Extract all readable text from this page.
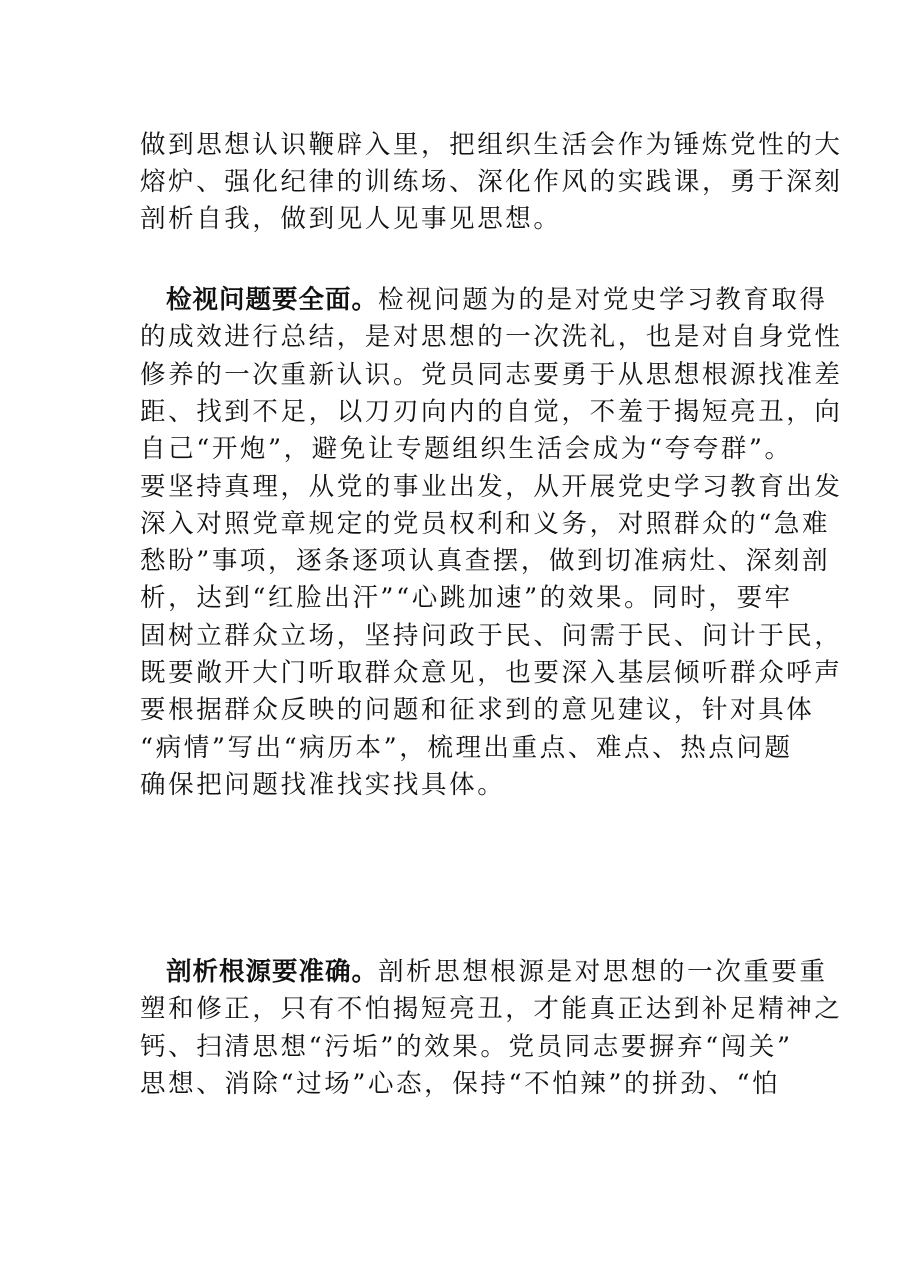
做到思想认识鞭辟入里，把组织生活会作为锤炼党性的大
熔炉、强化纪律的训练场、深化作风的实践课，勇于深刻
剖析自我，做到见人见事见思想。
检视问题要全面。检视问题为的是对党史学习教育取得
的成效进行总结，是对思想的一次洗礼，也是对自身党性
修养的一次重新认识。党员同志要勇于从思想根源找准差
距、找到不足，以刀刃向内的自觉，不羞于揭短亮丑，向
自己“开炮”，避免让专题组织生活会成为“夸夸群”。
要坚持真理，从党的事业出发，从开展党史学习教育出发
深入对照党章规定的党员权利和义务，对照群众的“急难
愁盼”事项，逐条逐项认真查摆，做到切准病灶、深刻剖
析，达到“红脸出汗”“心跳加速”的效果。同时，要牢
固树立群众立场，坚持问政于民、问需于民、问计于民，
既要敞开大门听取群众意见，也要深入基层倾听群众呼声
要根据群众反映的问题和征求到的意见建议，针对具体
“病情”写出“病历本”，梳理出重点、难点、热点问题
确保把问题找准找实找具体。
剖析根源要准确。剖析思想根源是对思想的一次重要重
塑和修正，只有不怕揭短亮丑，才能真正达到补足精神之
钙、扫清思想“污垢”的效果。党员同志要摒弃“闯关”
思想、消除“过场”心态，保持“不怕辣”的拼劲、“怕
